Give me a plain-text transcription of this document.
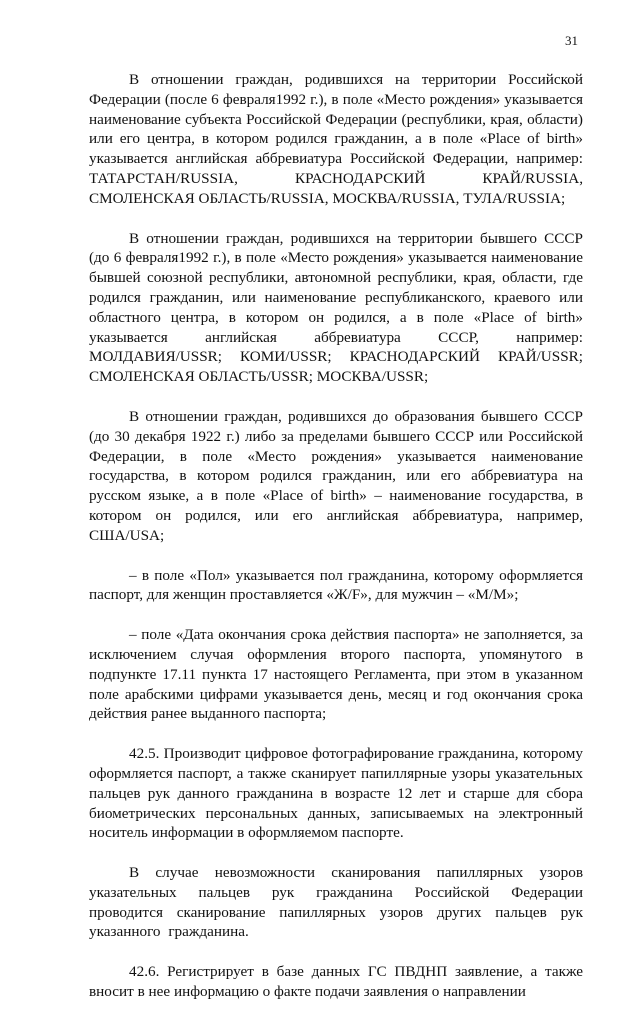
31

В отношении граждан, родившихся на территории Российской Федерации (после 6 февраля1992 г.), в поле «Место рождения» указывается наименование субъекта Российской Федерации (республики, края, области) или его центра, в котором родился гражданин, а в поле «Place of birth» указывается английская аббревиатура Российской Федерации, например: ТАТАРСТАН/RUSSIA, КРАСНОДАРСКИЙ КРАЙ/RUSSIA, СМОЛЕНСКАЯ ОБЛАСТЬ/RUSSIA, МОСКВА/RUSSIA, ТУЛА/RUSSIA;

В отношении граждан, родившихся на территории бывшего СССР (до 6 февраля1992 г.), в поле «Место рождения» указывается наименование бывшей союзной республики, автономной республики, края, области, где родился гражданин, или наименование республиканского, краевого или областного центра, в котором он родился, а в поле «Place of birth» указывается английская аббревиатура СССР, например: МОЛДАВИЯ/USSR; КОМИ/USSR; КРАСНОДАРСКИЙ КРАЙ/USSR; СМОЛЕНСКАЯ ОБЛАСТЬ/USSR; МОСКВА/USSR;

В отношении граждан, родившихся до образования бывшего СССР (до 30 декабря 1922 г.) либо за пределами бывшего СССР или Российской Федерации, в поле «Место рождения» указывается наименование государства, в котором родился гражданин, или его аббревиатура на русском языке, а в поле «Place of birth» – наименование государства, в котором он родился, или его английская аббревиатура, например, США/USA;

– в поле «Пол» указывается пол гражданина, которому оформляется паспорт, для женщин проставляется «Ж/F», для мужчин – «М/M»;

– поле «Дата окончания срока действия паспорта» не заполняется, за исключением случая оформления второго паспорта, упомянутого в подпункте 17.11 пункта 17 настоящего Регламента, при этом в указанном поле арабскими цифрами указывается день, месяц и год окончания срока действия ранее выданного паспорта;

42.5. Производит цифровое фотографирование гражданина, которому оформляется паспорт, а также сканирует папиллярные узоры указательных пальцев рук данного гражданина в возрасте 12 лет и старше для сбора биометрических персональных данных, записываемых на электронный носитель информации в оформляемом паспорте.

В случае невозможности сканирования папиллярных узоров указательных пальцев рук гражданина Российской Федерации проводится сканирование папиллярных узоров других пальцев рук указанного гражданина.

42.6. Регистрирует в базе данных ГС ПВДНП заявление, а также вносит в нее информацию о факте подачи заявления о направлении
